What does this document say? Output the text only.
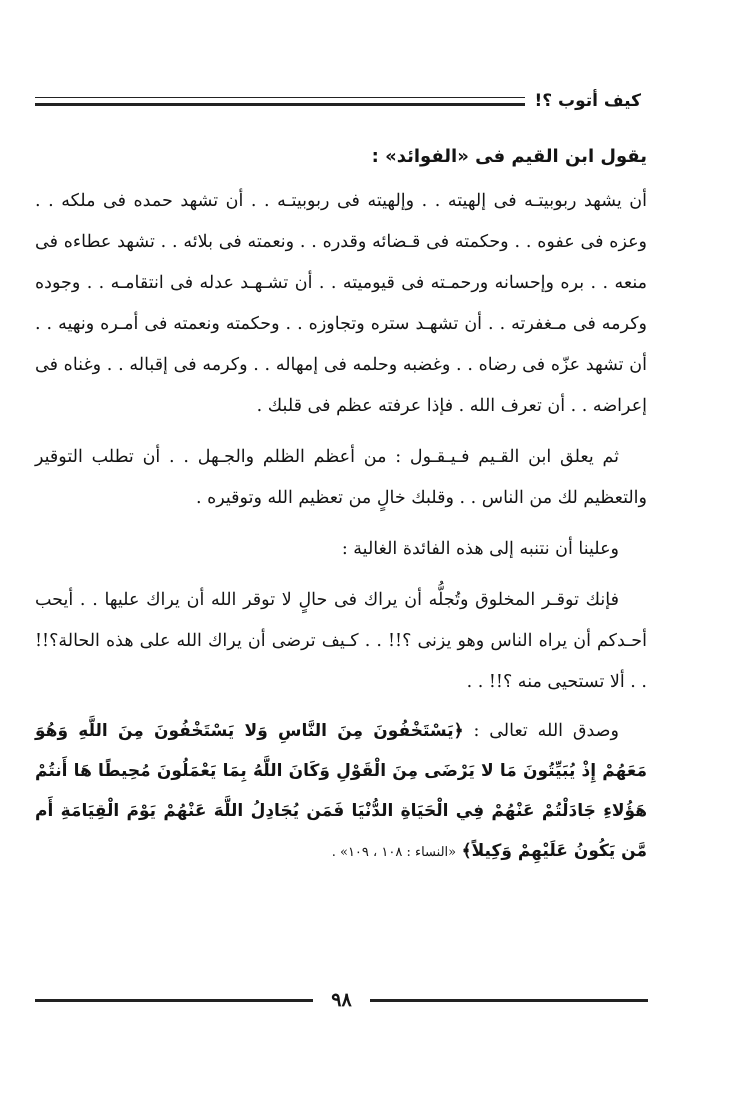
كيف أتوب ؟!

يقول ابن القيم فى «الفوائد» :

أن يشهد ربوبيتـه فى إلهيته . . وإلهيته فى ربوبيتـه . . أن تشهد حمده فى ملكه . . وعزه فى عفوه . . وحكمته فى قـضائه وقدره . . ونعمته فى بلائه . . تشهد عطاءه فى منعه . . بره وإحسانه ورحمـته فى قيوميته . . أن تشـهـد عدله فى انتقامـه . . وجوده وكرمه فى مـغفرته . . أن تشهـد ستره وتجاوزه . . وحكمته ونعمته فى أمـره ونهيه . . أن تشهد عزّه فى رضاه . . وغضبه وحلمه فى إمهاله . . وكرمه فى إقباله . . وغناه فى إعراضه . . أن تعرف الله . فإذا عرفته عظم فى قلبك .

ثم يعلق ابن القـيم فـيـقـول : من أعظم الظلم والجـهل . . أن تطلب التوقير والتعظيم لك من الناس . . وقلبك خالٍ من تعظيم الله وتوقيره .

وعلينا أن نتنبه إلى هذه الفائدة الغالية :

فإنك توقـر المخلوق وتُجلُّه أن يراك فى حالٍ لا توقر الله أن يراك عليها . . أيحب أحـدكم أن يراه الناس وهو يزنى ؟!! . . كـيف ترضى أن يراك الله على هذه الحالة؟!! . . ألا تستحيى منه ؟!! . .

وصدق الله تعالى : ﴿يَسْتَخْفُونَ مِنَ النَّاسِ وَلا يَسْتَخْفُونَ مِنَ اللَّهِ وَهُوَ مَعَهُمْ إِذْ يُبَيِّتُونَ مَا لا يَرْضَى مِنَ الْقَوْلِ وَكَانَ اللَّهُ بِمَا يَعْمَلُونَ مُحِيطًا هَا أَنتُمْ هَؤُلاءِ جَادَلْتُمْ عَنْهُمْ فِي الْحَيَاةِ الدُّنْيَا فَمَن يُجَادِلُ اللَّهَ عَنْهُمْ يَوْمَ الْقِيَامَةِ أَم مَّن يَكُونُ عَلَيْهِمْ وَكِيلاً﴾ «النساء : ١٠٨ ، ١٠٩» .

٩٨
